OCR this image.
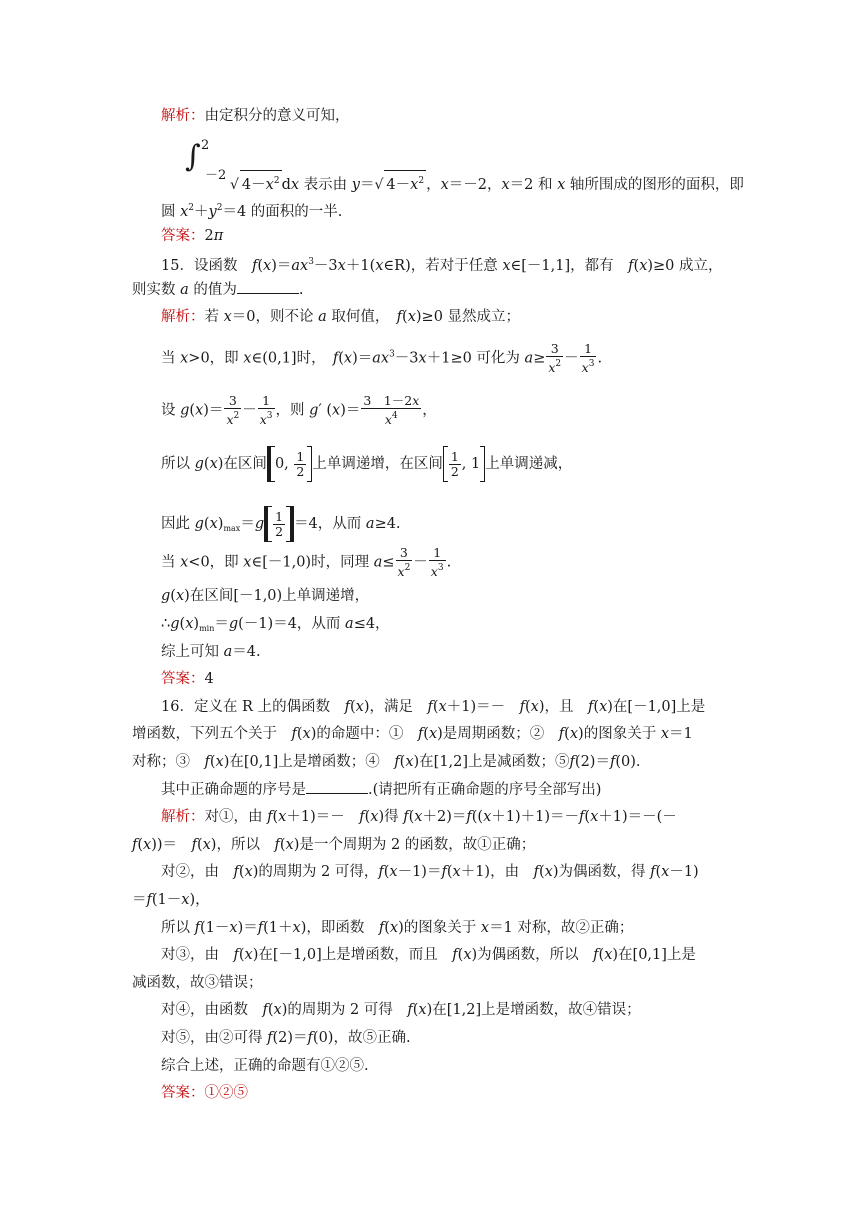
解析：由定积分的意义可知，
∫ 2
－2
√ $4-x^2$ dx 表示由 y＝√ $4-x^2$ ，x＝－2，x＝2 和 x 轴所围成的图形的面积，即
圆 $x^2+y^2=4$ 的面积的一半.
答案：2π
15．设函数　$f(x)=ax^3-3x+1(x\in R)$，若对于任意 x∈[－1,1]，都有　f(x)≥0 成立，
则实数 a 的值为	.
解析：若 x＝0，则不论 a 取何值，　f(x)≥0 显然成立；
当 x>0，即 x∈(0,1]时，　$f(x)=ax^3-3x+1\ge 0$ 可化为 $a\ge \frac{3}{x^2} - \frac{1}{x^3}$ .
设 $g(x)= \frac{3}{x^2} - \frac{1}{x^3}$ ，则 g′ $(x)= \frac{3 1-2x}{x^4}$ ，
所以 g(x)在区间 0, $\frac{1}{2}$ 上单调递增，在区间 $\frac{1}{2}$ , 1 上单调递减，
因此 $g(x)_{max}=g \frac{1}{2} =4$，从而 a≥4.
当 x<0，即 x∈[－1,0)时，同理 $a\le \frac{3}{x^2} - \frac{1}{x^3}$ .
g(x)在区间[－1,0)上单调递增，
$\therefore g(x)_{min}=g(-1)=4$，从而 a≤4，
综上可知 a＝4.
答案：4
16．定义在 R 上的偶函数　f(x)，满足　f(x＋1)＝－　f(x)，且　f(x)在[－1,0]上是
增函数，下列五个关于　f(x)的命题中：①　f(x)是周期函数；②　f(x)的图象关于 x＝1
对称；③　f(x)在[0,1]上是增函数；④　f(x)在[1,2]上是减函数；⑤f(2)＝f(0).
其中正确命题的序号是	.(请把所有正确命题的序号全部写出)
解析：对①，由 f(x＋1)＝－　f(x)得 f(x＋2)＝f((x＋1)＋1)＝－f(x＋1)＝－(－
f(x))＝　f(x)，所以　f(x)是一个周期为 2 的函数，故①正确；
对②，由　f(x)的周期为 2 可得，f(x－1)＝f(x＋1)，由　f(x)为偶函数，得 f(x－1)
＝f(1－x)，
所以 f(1－x)＝f(1＋x)，即函数　f(x)的图象关于 x＝1 对称，故②正确；
对③，由　f(x)在[－1,0]上是增函数，而且　f(x)为偶函数，所以　f(x)在[0,1]上是
减函数，故③错误；
对④，由函数　f(x)的周期为 2 可得　f(x)在[1,2]上是增函数，故④错误；
对⑤，由②可得 f(2)＝f(0)，故⑤正确.
综合上述，正确的命题有①②⑤.
答案：①②⑤
